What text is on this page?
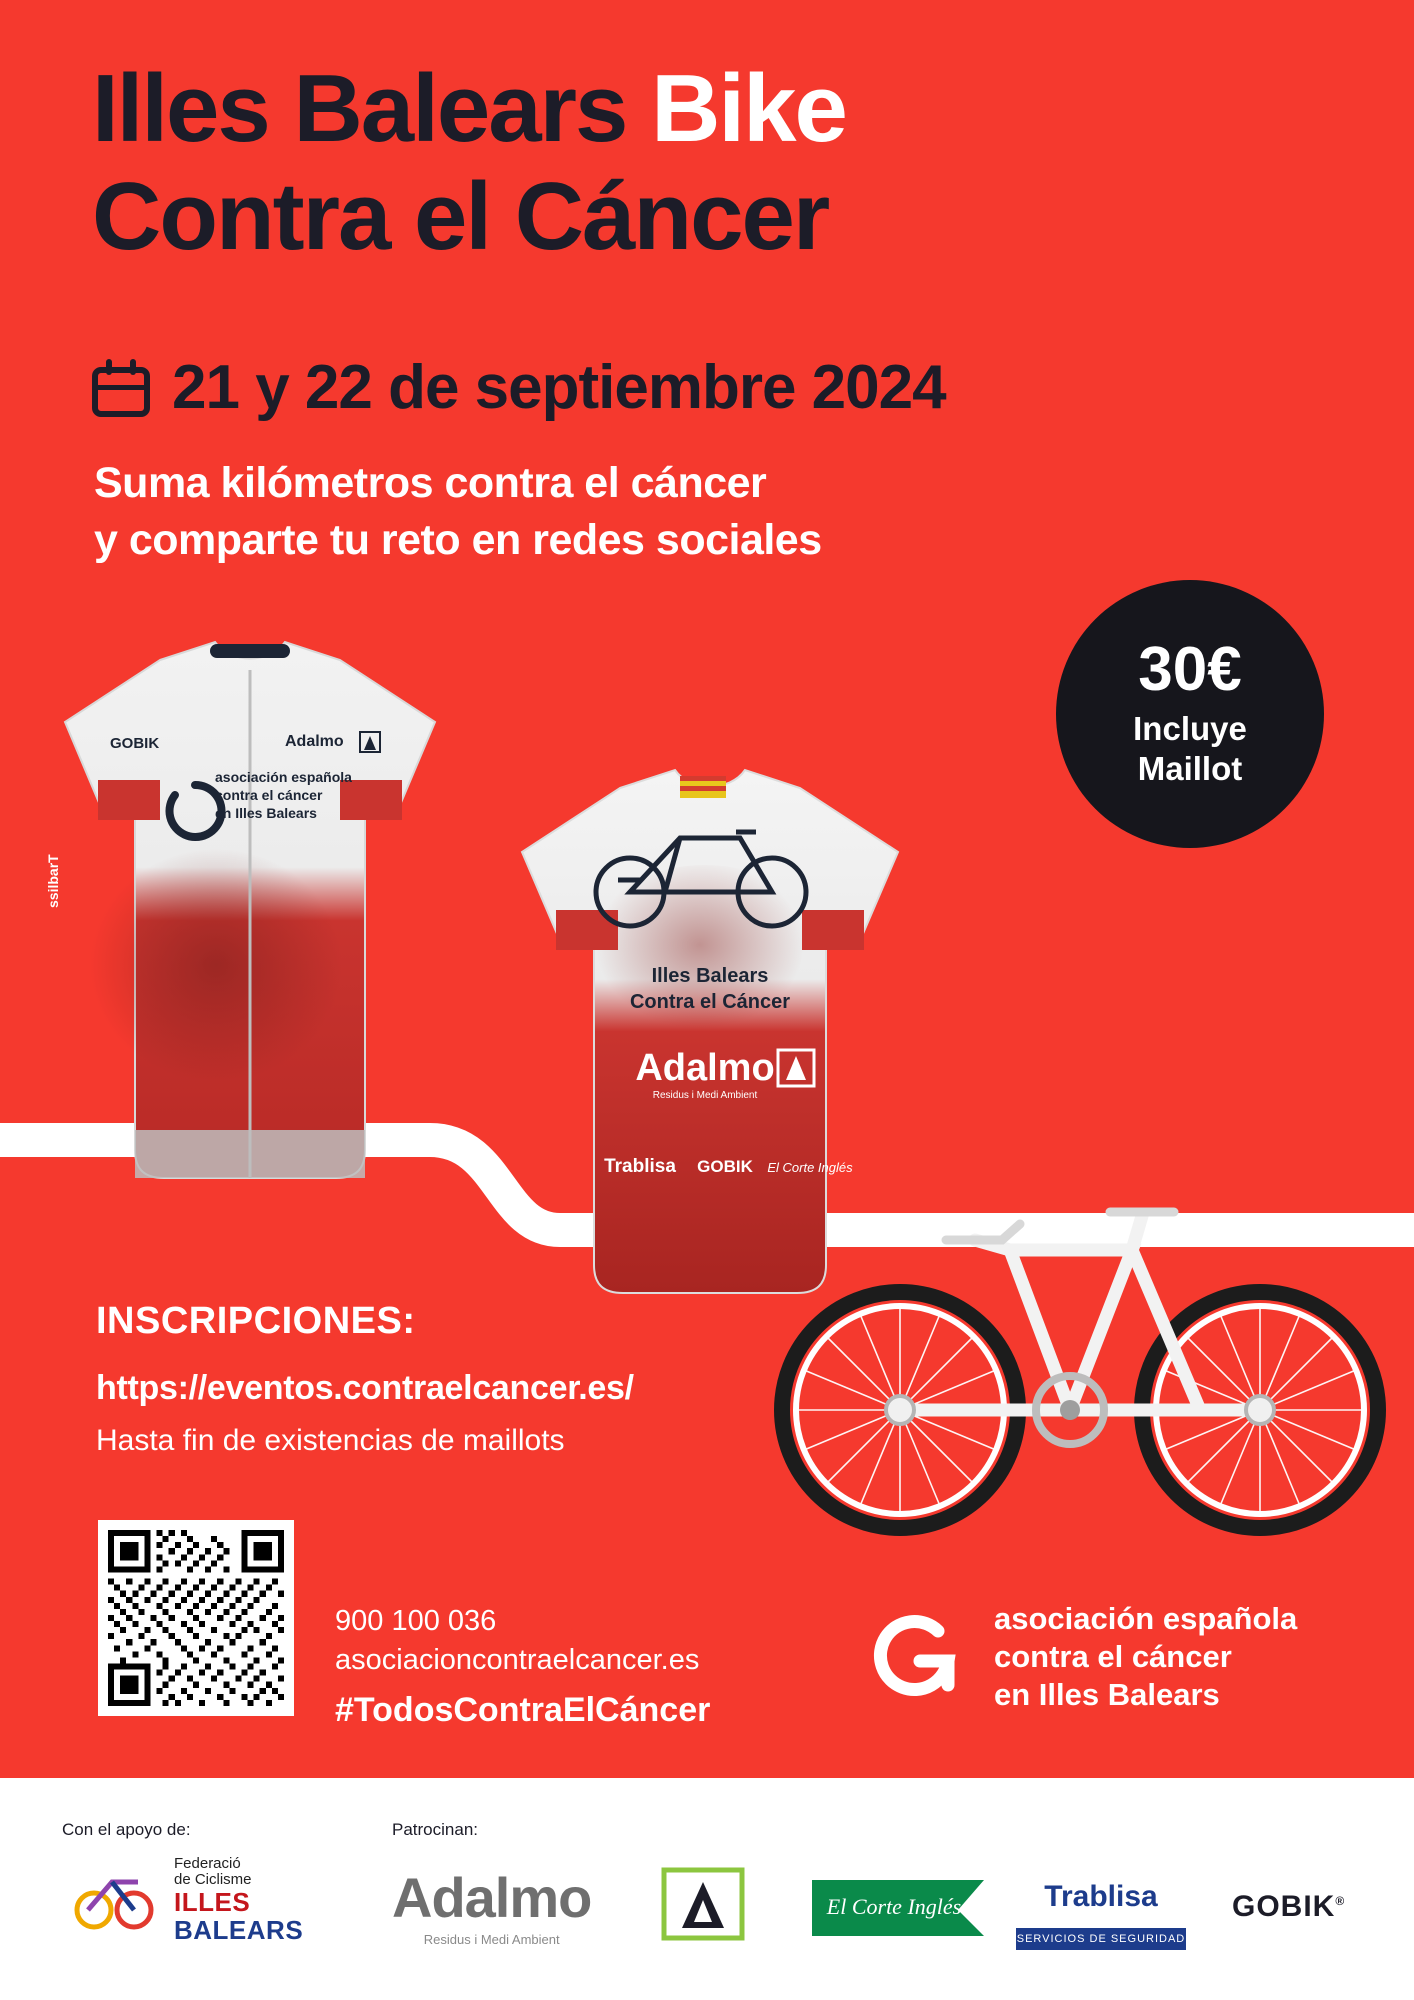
Illes Balears Bike
Contra el Cáncer
21 y 22 de septiembre 2024
Suma kilómetros contra el cáncer
y comparte tu reto en redes sociales
30€
Incluye
Maillot
GOBIK	Adalmo
asociación española
contra el cáncer
en Illes Balears
ssilbarT
Illes Balears
Contra el Cáncer
Adalmo
Residus i Medi Ambient
Trablisa GOBIK El Corte Inglés
INSCRIPCIONES:
https://eventos.contraelcancer.es/
Hasta fin de existencias de maillots
900 100 036
asociacioncontraelcancer.es
#TodosContraElCáncer
asociación española
contra el cáncer
en Illes Balears
Con el apoyo de:	Patrocinan:
Federació
de Ciclisme
ILLES
BALEARS
Adalmo
Residus i Medi Ambient
El Corte Inglés	Trablisa
SERVICIOS DE SEGURIDAD
GOBIK®
